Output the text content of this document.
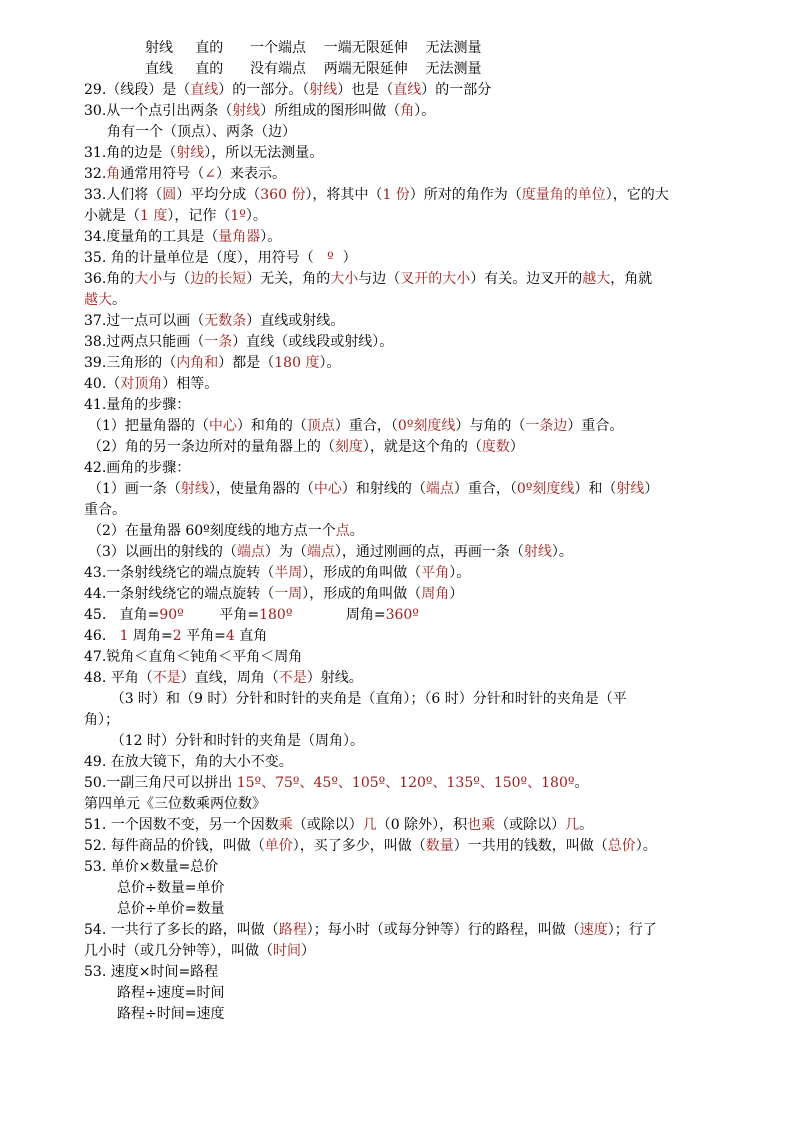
射线     直的      一个端点    一端无限延伸    无法测量
直线     直的      没有端点    两端无限延伸    无法测量
29.（线段）是（直线）的一部分。（射线）也是（直线）的一部分
30.从一个点引出两条（射线）所组成的图形叫做（角）。
角有一个（顶点）、两条（边）
31.角的边是（射线），所以无法测量。
32.角通常用符号（∠）来表示。
33.人们将（圆）平均分成（360 份），将其中（1 份）所对的角作为（度量角的单位），它的大
小就是（1 度），记作（1º）。
34.度量角的工具是（量角器）。
35. 角的计量单位是（度），用符号（   º  ）
36.角的大小与（边的长短）无关，角的大小与边（叉开的大小）有关。边叉开的越大，角就
越大。
37.过一点可以画（无数条）直线或射线。
38.过两点只能画（一条）直线（或线段或射线）。
39.三角形的（内角和）都是（180 度）。
40.（对顶角）相等。
41.量角的步骤：
（1）把量角器的（中心）和角的（顶点）重合，（0º刻度线）与角的（一条边）重合。
（2）角的另一条边所对的量角器上的（刻度），就是这个角的（度数）
42.画角的步骤：
（1）画一条（射线），使量角器的（中心）和射线的（端点）重合，（0º刻度线）和（射线）
重合。
（2）在量角器 60º刻度线的地方点一个点。
（3）以画出的射线的（端点）为（端点），通过刚画的点，再画一条（射线）。
43.一条射线绕它的端点旋转（半周），形成的角叫做（平角）。
44.一条射线绕它的端点旋转（一周），形成的角叫做（周角）
45.   直角=90º        平角=180º            周角=360º
46.   1 周角=2 平角=4 直角
47.锐角＜直角＜钝角＜平角＜周角
48. 平角（不是）直线，周角（不是）射线。
（3 时）和（9 时）分针和时针的夹角是（直角）；（6 时）分针和时针的夹角是（平
角）；
（12 时）分针和时针的夹角是（周角）。
49. 在放大镜下，角的大小不变。
50.一副三角尺可以拼出 15º、75º、45º、105º、120º、135º、150º、180º。
第四单元《三位数乘两位数》
51. 一个因数不变，另一个因数乘（或除以）几（0 除外），积也乘（或除以）几。
52. 每件商品的价钱，叫做（单价），买了多少，叫做（数量）一共用的钱数，叫做（总价）。
53. 单价×数量=总价
总价÷数量=单价
总价÷单价=数量
54. 一共行了多长的路，叫做（路程）；每小时（或每分钟等）行的路程，叫做（速度）；行了
几小时（或几分钟等），叫做（时间）
53. 速度×时间=路程
路程÷速度=时间
路程÷时间=速度
